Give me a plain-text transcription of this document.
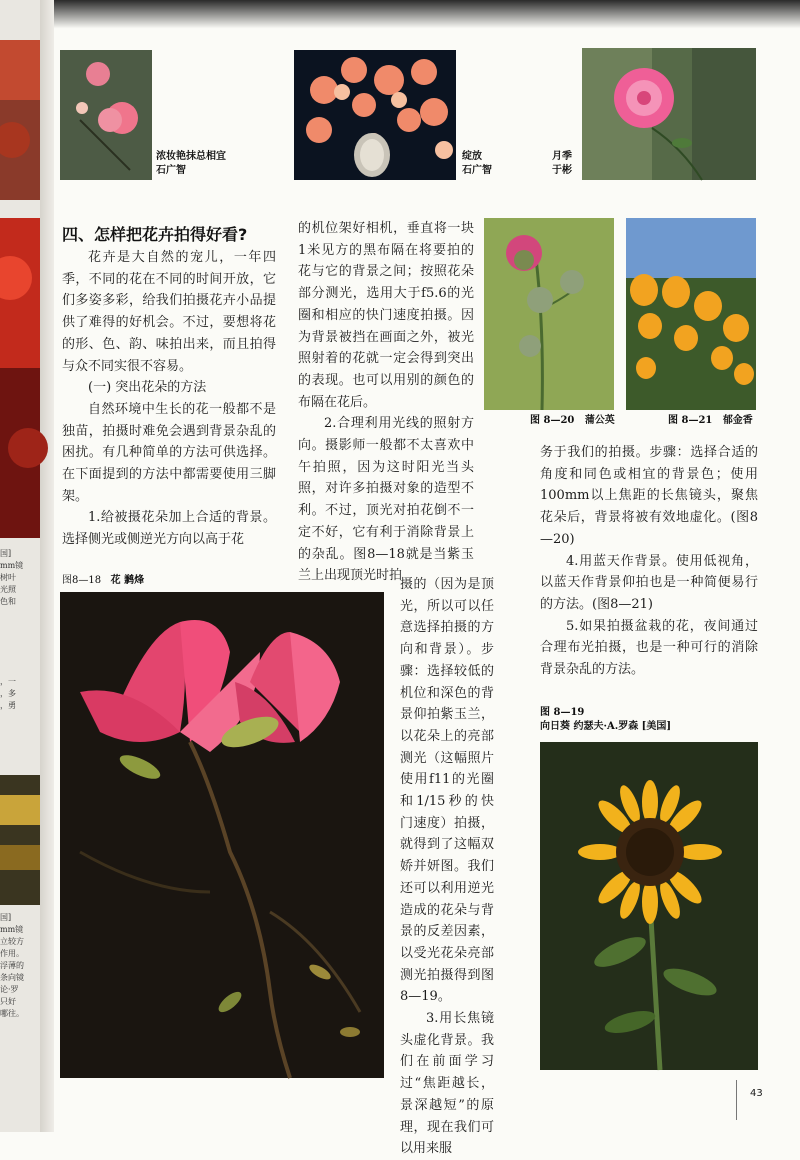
国]
mm镜
树叶
光照
色和
，一
，多
，勇
国]
mm镜
立较方
作用。
浮薄的
条向镜
论·罗
只好
哪往。
浓妆艳抹总相宜
石广智
绽放
石广智
月季
于彬
四、怎样把花卉拍得好看?

花卉是大自然的宠儿，一年四季，不同的花在不同的时间开放，它们多姿多彩，给我们拍摄花卉小品提供了难得的好机会。不过，要想将花的形、色、韵、味拍出来，而且拍得与众不同实很不容易。

(一) 突出花朵的方法

自然环境中生长的花一般都不是独苗，拍摄时难免会遇到背景杂乱的困扰。有几种简单的方法可供选择。在下面提到的方法中都需要使用三脚架。

1.给被摄花朵加上合适的背景。选择侧光或侧逆光方向以高于花

的机位架好相机，垂直将一块1米见方的黑布隔在将要拍的花与它的背景之间；按照花朵部分测光，选用大于f5.6的光圈和相应的快门速度拍摄。因为背景被挡在画面之外，被光照射着的花就一定会得到突出的表现。也可以用别的颜色的布隔在花后。

2.合理利用光线的照射方向。摄影师一般都不太喜欢中午拍照，因为这时阳光当头照，对许多拍摄对象的造型不利。不过，顶光对拍花倒不一定不好，它有利于消除背景上的杂乱。图8—18就是当紫玉兰上出现顶光时拍

图8—18 花 鹣烽	摄的（因为是顶光，所以可以任意选择拍摄的方向和背景）。步骤：选择较低的机位和深色的背景仰拍紫玉兰，以花朵上的亮部测光（这幅照片使用f11的光圈和1/15秒的快门速度）拍摄，就得到了这幅双娇并妍图。我们还可以利用逆光造成的花朵与背景的反差因素，以受光花朵亮部测光拍摄得到图8—19。

3.用长焦镜头虚化背景。我们在前面学习过“焦距越长，景深越短”的原理，现在我们可以用来服

图 8—20 蒲公英	图 8—21 郁金香

务于我们的拍摄。步骤：选择合适的角度和同色或相宜的背景色；使用100mm以上焦距的长焦镜头，聚焦花朵后，背景将被有效地虚化。(图8—20)

4.用蓝天作背景。使用低视角，以蓝天作背景仰拍也是一种简便易行的方法。(图8—21)

5.如果拍摄盆栽的花，夜间通过合理布光拍摄，也是一种可行的消除背景杂乱的方法。

图 8—19
向日葵 约瑟夫·A.罗森 [美国]
43
